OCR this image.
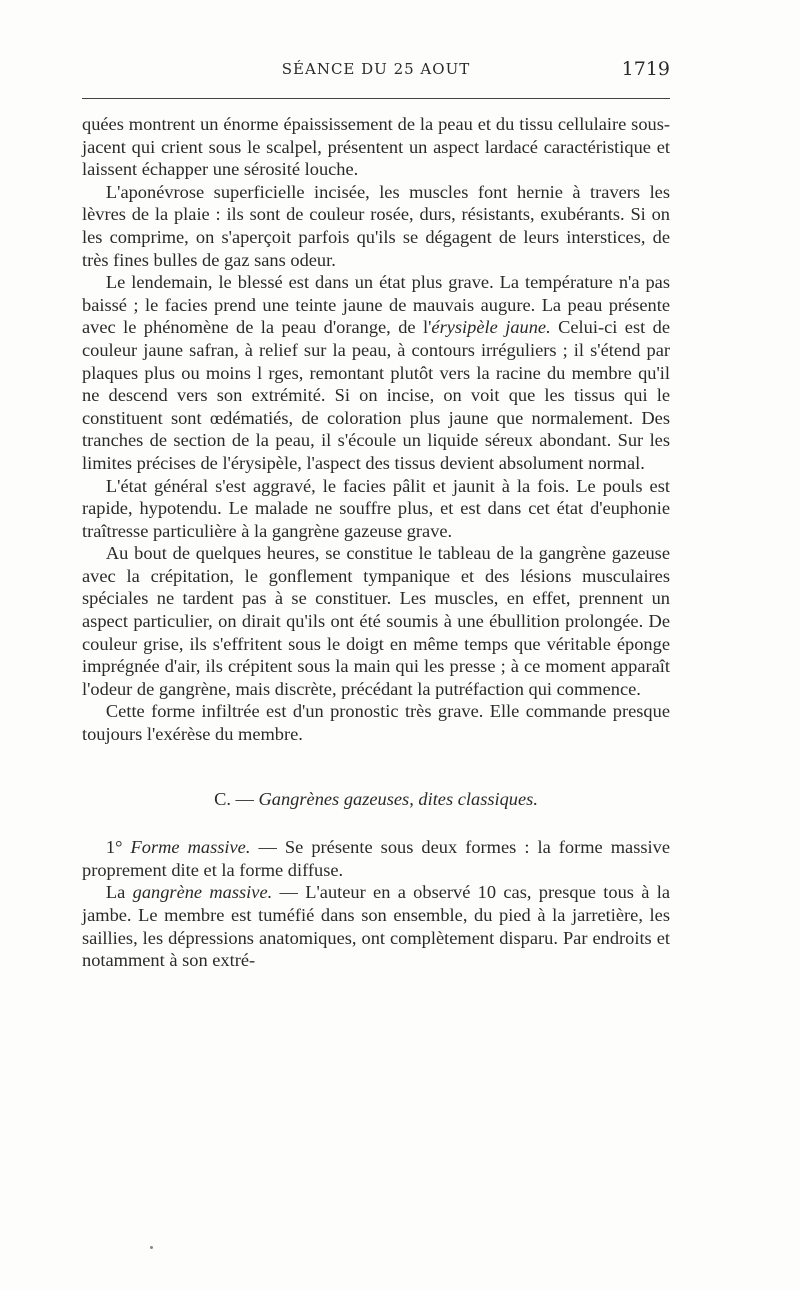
SÉANCE DU 25 AOUT	1719

quées montrent un énorme épaississement de la peau et du tissu cellulaire sous-jacent qui crient sous le scalpel, présentent un aspect lardacé caractéristique et laissent échapper une sérosité louche.

L'aponévrose superficielle incisée, les muscles font hernie à travers les lèvres de la plaie : ils sont de couleur rosée, durs, résistants, exubérants. Si on les comprime, on s'aperçoit parfois qu'ils se dégagent de leurs interstices, de très fines bulles de gaz sans odeur.

Le lendemain, le blessé est dans un état plus grave. La température n'a pas baissé ; le facies prend une teinte jaune de mauvais augure. La peau présente avec le phénomène de la peau d'orange, de l'érysipèle jaune. Celui-ci est de couleur jaune safran, à relief sur la peau, à contours irréguliers ; il s'étend par plaques plus ou moins l rges, remontant plutôt vers la racine du membre qu'il ne descend vers son extrémité. Si on incise, on voit que les tissus qui le constituent sont œdématiés, de coloration plus jaune que normalement. Des tranches de section de la peau, il s'écoule un liquide séreux abondant. Sur les limites précises de l'érysipèle, l'aspect des tissus devient absolument normal.

L'état général s'est aggravé, le facies pâlit et jaunit à la fois. Le pouls est rapide, hypotendu. Le malade ne souffre plus, et est dans cet état d'euphonie traîtresse particulière à la gangrène gazeuse grave.

Au bout de quelques heures, se constitue le tableau de la gangrène gazeuse avec la crépitation, le gonflement tympanique et des lésions musculaires spéciales ne tardent pas à se constituer. Les muscles, en effet, prennent un aspect particulier, on dirait qu'ils ont été soumis à une ébullition prolongée. De couleur grise, ils s'effritent sous le doigt en même temps que véritable éponge imprégnée d'air, ils crépitent sous la main qui les presse ; à ce moment apparaît l'odeur de gangrène, mais discrète, précédant la putréfaction qui commence.

Cette forme infiltrée est d'un pronostic très grave. Elle commande presque toujours l'exérèse du membre.

C. — Gangrènes gazeuses, dites classiques.

1° Forme massive. — Se présente sous deux formes : la forme massive proprement dite et la forme diffuse.

La gangrène massive. — L'auteur en a observé 10 cas, presque tous à la jambe. Le membre est tuméfié dans son ensemble, du pied à la jarretière, les saillies, les dépressions anatomiques, ont complètement disparu. Par endroits et notamment à son extré-
